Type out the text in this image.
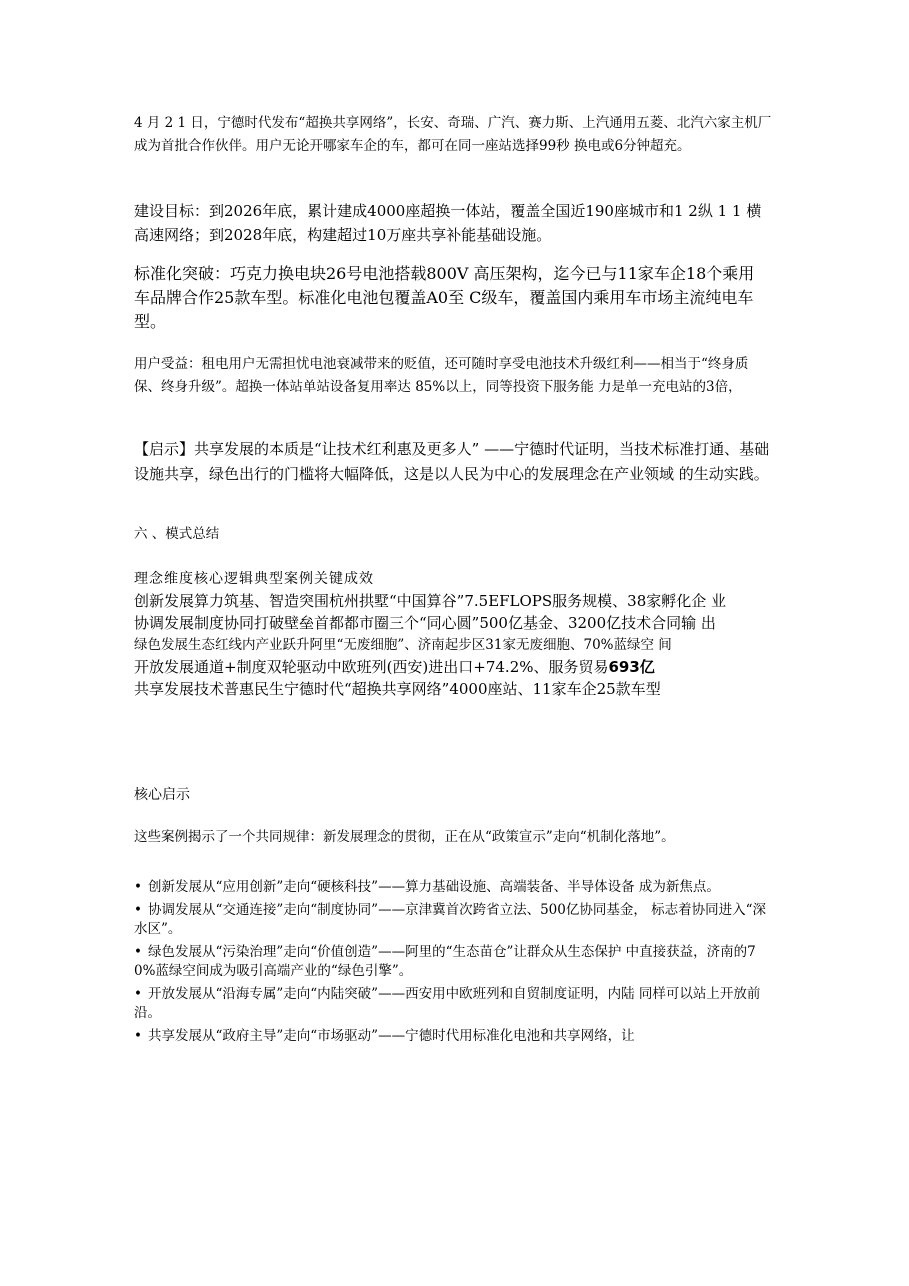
4 月 2 1 日，宁德时代发布“超换共享网络”，长安、奇瑞、广汽、赛力斯、上汽通用五菱、北汽六家主机厂成为首批合作伙伴。用户无论开哪家车企的车，都可在同一座站选择99秒 换电或6分钟超充。

建设目标：到2026年底，累计建成4000座超换一体站，覆盖全国近190座城市和1 2纵 1 1 横高速网络；到2028年底，构建超过10万座共享补能基础设施。

标准化突破：巧克力换电块26号电池搭载800V 高压架构，迄今已与11家车企18个乘用 车品牌合作25款车型。标准化电池包覆盖A0至 C级车，覆盖国内乘用车市场主流纯电车 型。

用户受益：租电用户无需担忧电池衰减带来的贬值，还可随时享受电池技术升级红利——相当于“终身质保、终身升级”。超换一体站单站设备复用率达 85%以上，同等投资下服务能 力是单一充电站的3倍，

【启示】共享发展的本质是“让技术红利惠及更多人” ——宁德时代证明，当技术标准打通、基础设施共享，绿色出行的门槛将大幅降低，这是以人民为中心的发展理念在产业领域 的生动实践。

六 、模式总结

理念维度核心逻辑典型案例关键成效

创新发展算力筑基、智造突围杭州拱墅“中国算谷”7.5EFLOPS服务规模、38家孵化企 业

协调发展制度协同打破壁垒首都都市圈三个“同心圆”500亿基金、3200亿技术合同输 出

绿色发展生态红线内产业跃升阿里“无废细胞”、济南起步区31家无废细胞、70%蓝绿空 间

开放发展通道+制度双轮驱动中欧班列(西安)进出口+74.2%、服务贸易693亿

共享发展技术普惠民生宁德时代“超换共享网络”4000座站、11家车企25款车型

核心启示

这些案例揭示了一个共同规律：新发展理念的贯彻，正在从“政策宣示”走向“机制化落地”。

• 创新发展从“应用创新”走向“硬核科技”——算力基础设施、高端装备、半导体设备 成为新焦点。

• 协调发展从“交通连接”走向“制度协同”——京津冀首次跨省立法、500亿协同基金， 标志着协同进入“深水区”。

• 绿色发展从“污染治理”走向“价值创造”——阿里的“生态苗仓”让群众从生态保护 中直接获益，济南的70%蓝绿空间成为吸引高端产业的“绿色引擎”。

• 开放发展从“沿海专属”走向“内陆突破”——西安用中欧班列和自贸制度证明，内陆 同样可以站上开放前沿。

• 共享发展从“政府主导”走向“市场驱动”——宁德时代用标准化电池和共享网络，让
